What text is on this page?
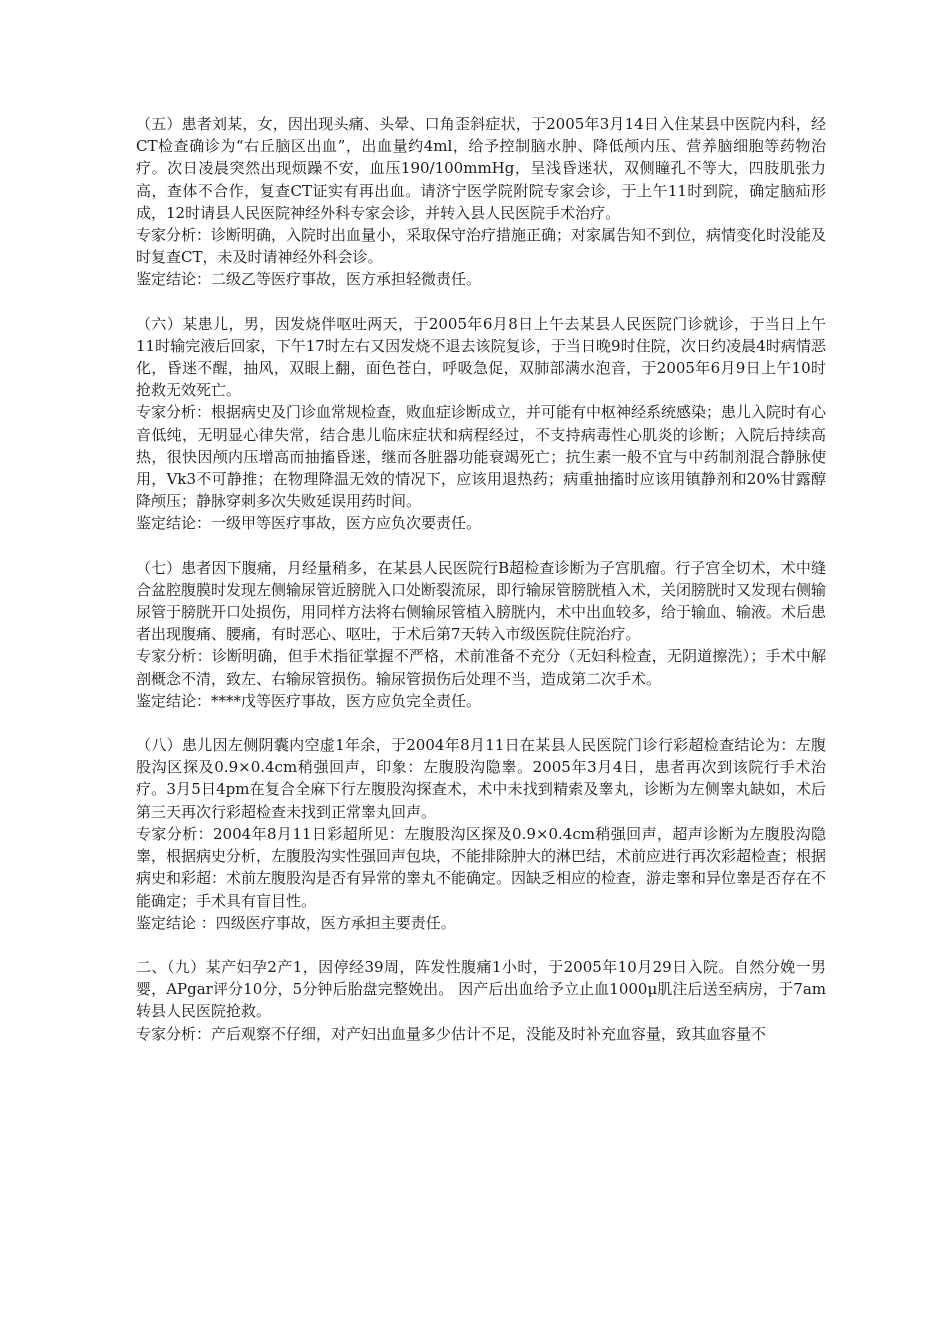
（五）患者刘某，女，因出现头痛、头晕、口角歪斜症状，于2005年3月14日入住某县中医院内科，经CT检查确诊为“右丘脑区出血”，出血量约4ml，给予控制脑水肿、降低颅内压、营养脑细胞等药物治疗。次日凌晨突然出现烦躁不安，血压190/100mmHg，呈浅昏迷状，双侧瞳孔不等大，四肢肌张力高，查体不合作，复查CT证实有再出血。请济宁医学院附院专家会诊，于上午11时到院，确定脑疝形成，12时请县人民医院神经外科专家会诊，并转入县人民医院手术治疗。

专家分析：诊断明确，入院时出血量小，采取保守治疗措施正确；对家属告知不到位，病情变化时没能及时复查CT，未及时请神经外科会诊。

鉴定结论：二级乙等医疗事故，医方承担轻微责任。

（六）某患儿，男，因发烧伴呕吐两天，于2005年6月8日上午去某县人民医院门诊就诊，于当日上午11时输完液后回家，下午17时左右又因发烧不退去该院复诊，于当日晚9时住院，次日约凌晨4时病情恶化，昏迷不醒，抽风，双眼上翻，面色苍白，呼吸急促，双肺部满水泡音，于2005年6月9日上午10时抢救无效死亡。

专家分析：根据病史及门诊血常规检查，败血症诊断成立，并可能有中枢神经系统感染；患儿入院时有心音低纯，无明显心律失常，结合患儿临床症状和病程经过，不支持病毒性心肌炎的诊断；入院后持续高热，很快因颅内压增高而抽搐昏迷，继而各脏器功能衰竭死亡；抗生素一般不宜与中药制剂混合静脉使用，Vk3不可静推；在物理降温无效的情况下，应该用退热药；病重抽搐时应该用镇静剂和20%甘露醇降颅压；静脉穿刺多次失败延误用药时间。

鉴定结论：一级甲等医疗事故，医方应负次要责任。

（七）患者因下腹痛，月经量稍多，在某县人民医院行B超检查诊断为子宫肌瘤。行子宫全切术，术中缝合盆腔腹膜时发现左侧输尿管近膀胱入口处断裂流尿，即行输尿管膀胱植入术，关闭膀胱时又发现右侧输尿管于膀胱开口处损伤，用同样方法将右侧输尿管植入膀胱内，术中出血较多，给于输血、输液。术后患者出现腹痛、腰痛，有时恶心、呕吐，于术后第7天转入市级医院住院治疗。

专家分析：诊断明确，但手术指征掌握不严格，术前准备不充分（无妇科检查，无阴道擦洗）；手术中解剖概念不清，致左、右输尿管损伤。输尿管损伤后处理不当，造成第二次手术。

鉴定结论：****戊等医疗事故，医方应负完全责任。

（八）患儿因左侧阴囊内空虚1年余，于2004年8月11日在某县人民医院门诊行彩超检查结论为：左腹股沟区探及0.9×0.4cm稍强回声，印象：左腹股沟隐睾。2005年3月4日，患者再次到该院行手术治疗。3月5日4pm在复合全麻下行左腹股沟探查术，术中未找到精索及睾丸，诊断为左侧睾丸缺如，术后第三天再次行彩超检查未找到正常睾丸回声。

专家分析：2004年8月11日彩超所见：左腹股沟区探及0.9×0.4cm稍强回声，超声诊断为左腹股沟隐睾，根据病史分析，左腹股沟实性强回声包块，不能排除肿大的淋巴结，术前应进行再次彩超检查；根据病史和彩超：术前左腹股沟是否有异常的睾丸不能确定。因缺乏相应的检查，游走睾和异位睾是否存在不能确定；手术具有盲目性。

鉴定结论 ：四级医疗事故，医方承担主要责任。

二、（九）某产妇孕2产1，因停经39周，阵发性腹痛1小时，于2005年10月29日入院。自然分娩一男婴，APgar评分10分，5分钟后胎盘完整娩出。 因产后出血给予立止血1000μ肌注后送至病房，于7am转县人民医院抢救。

专家分析：产后观察不仔细，对产妇出血量多少估计不足，没能及时补充血容量，致其血容量不
